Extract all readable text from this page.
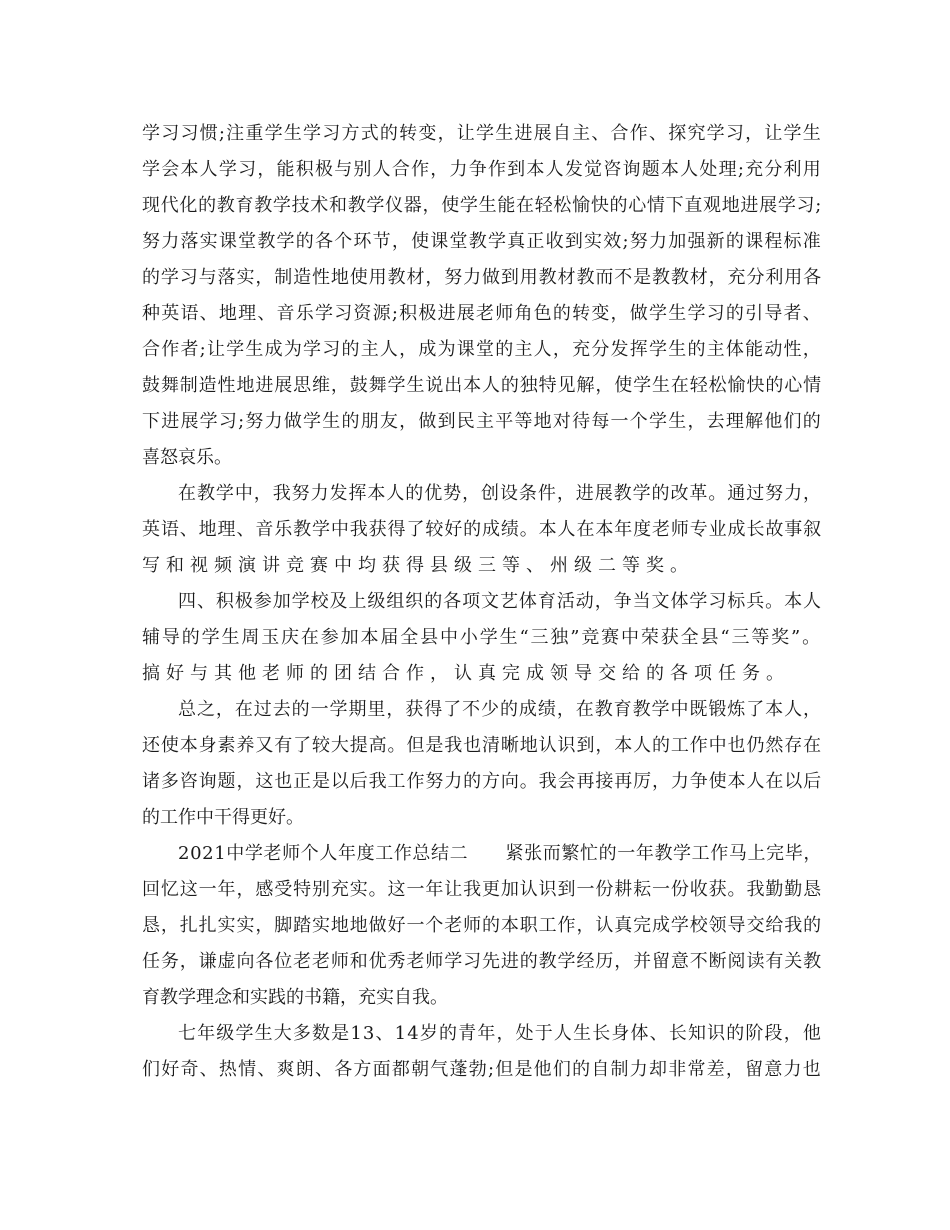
学习习惯;注重学生学习方式的转变，让学生进展自主、合作、探究学习，让学生
学会本人学习，能积极与别人合作，力争作到本人发觉咨询题本人处理;充分利用
现代化的教育教学技术和教学仪器，使学生能在轻松愉快的心情下直观地进展学习;
努力落实课堂教学的各个环节，使课堂教学真正收到实效;努力加强新的课程标准
的学习与落实，制造性地使用教材，努力做到用教材教而不是教教材，充分利用各
种英语、地理、音乐学习资源;积极进展老师角色的转变，做学生学习的引导者、
合作者;让学生成为学习的主人，成为课堂的主人，充分发挥学生的主体能动性，
鼓舞制造性地进展思维，鼓舞学生说出本人的独特见解，使学生在轻松愉快的心情
下进展学习;努力做学生的朋友，做到民主平等地对待每一个学生，去理解他们的
喜怒哀乐。
在教学中，我努力发挥本人的优势，创设条件，进展教学的改革。通过努力，
英语、地理、音乐教学中我获得了较好的成绩。本人在本年度老师专业成长故事叙
写和视频演讲竞赛中均获得县级三等、州级二等奖。
四、积极参加学校及上级组织的各项文艺体育活动，争当文体学习标兵。本人
辅导的学生周玉庆在参加本届全县中小学生“三独”竞赛中荣获全县“三等奖”。
搞好与其他老师的团结合作，认真完成领导交给的各项任务。
总之，在过去的一学期里，获得了不少的成绩，在教育教学中既锻炼了本人，
还使本身素养又有了较大提高。但是我也清晰地认识到，本人的工作中也仍然存在
诸多咨询题，这也正是以后我工作努力的方向。我会再接再厉，力争使本人在以后
的工作中干得更好。
2021中学老师个人年度工作总结二　　紧张而繁忙的一年教学工作马上完毕，
回忆这一年，感受特别充实。这一年让我更加认识到一份耕耘一份收获。我勤勤恳
恳，扎扎实实，脚踏实地地做好一个老师的本职工作，认真完成学校领导交给我的
任务，谦虚向各位老老师和优秀老师学习先进的教学经历，并留意不断阅读有关教
育教学理念和实践的书籍，充实自我。
七年级学生大多数是13、14岁的青年，处于人生长身体、长知识的阶段，他
们好奇、热情、爽朗、各方面都朝气蓬勃;但是他们的自制力却非常差，留意力也
